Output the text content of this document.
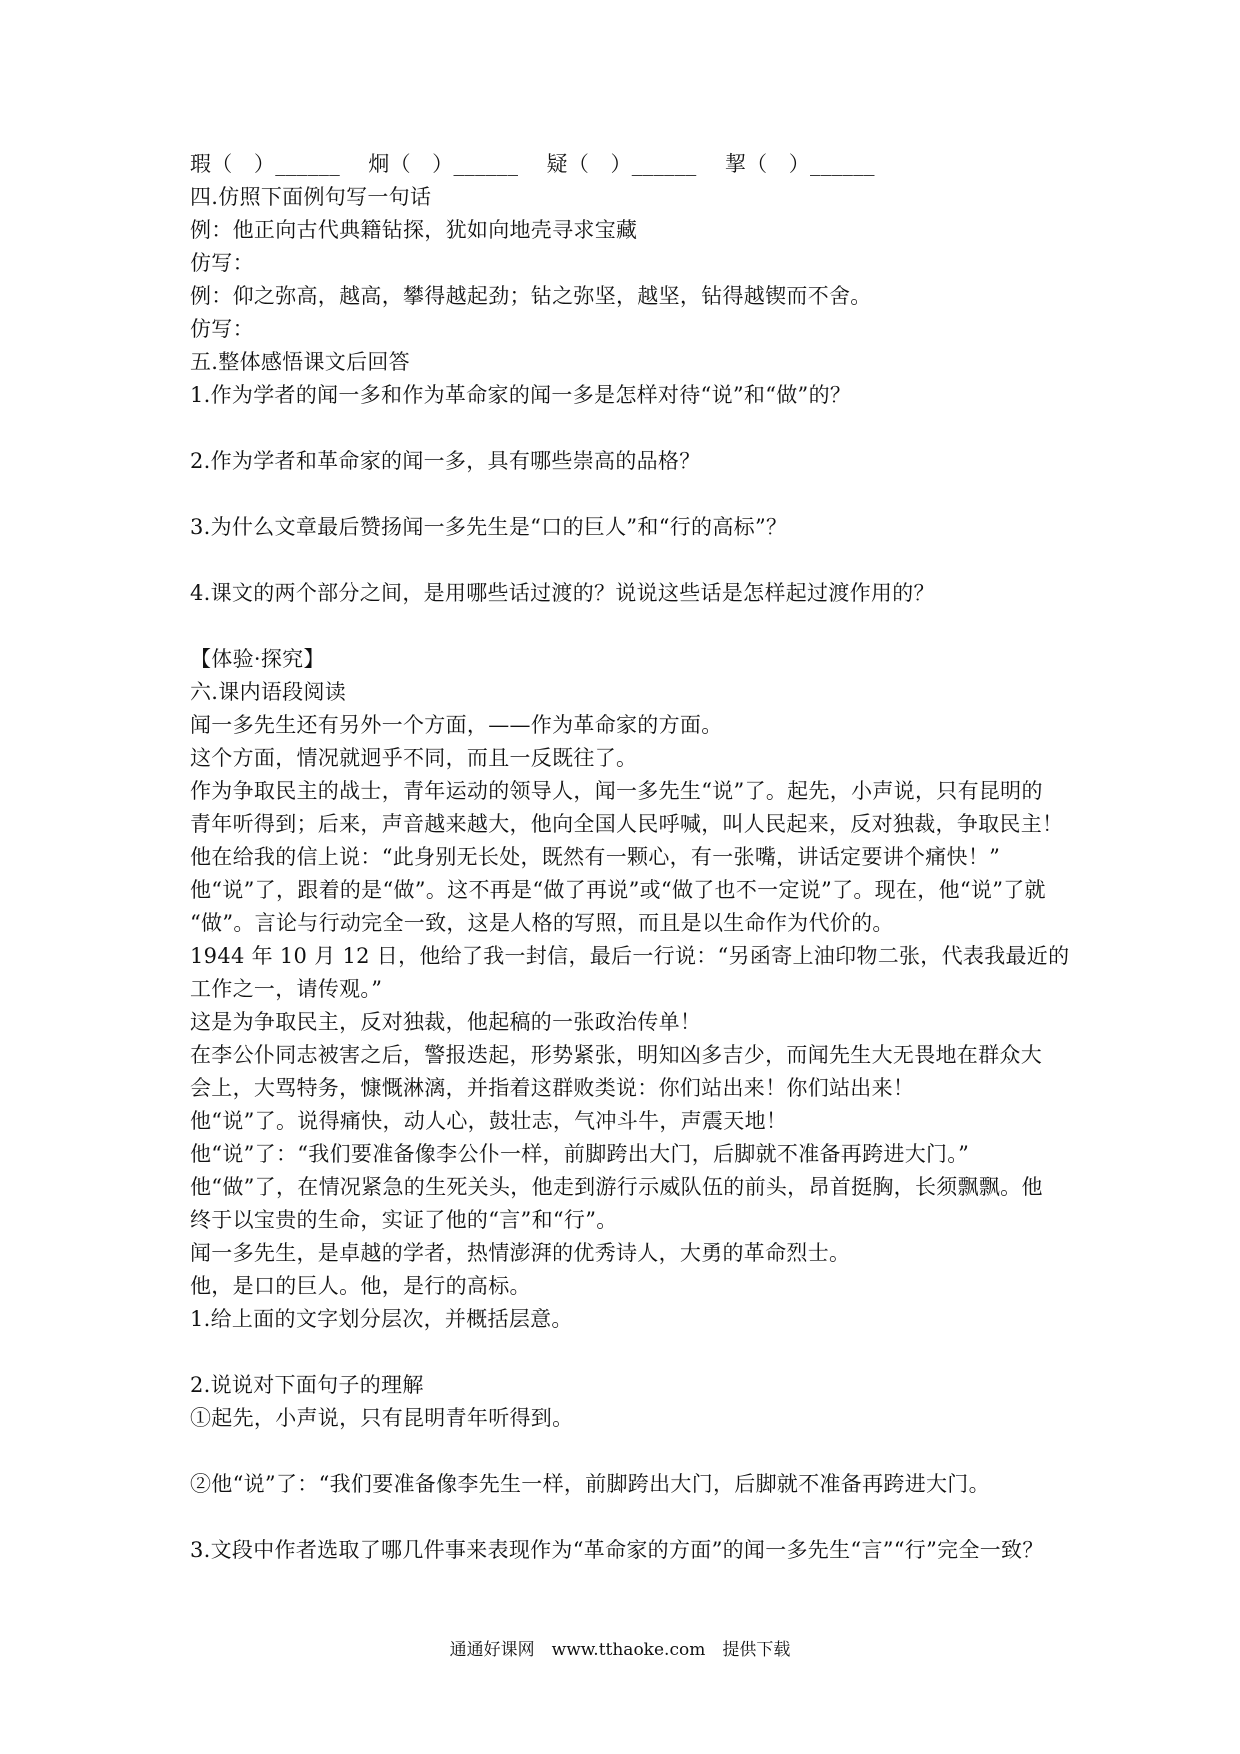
瑕（　）______　 炯（　）______　 疑（　）______　 挈（　）______
四.仿照下面例句写一句话
例：他正向古代典籍钻探，犹如向地壳寻求宝藏
仿写：
例：仰之弥高，越高，攀得越起劲；钻之弥坚，越坚，钻得越锲而不舍。
仿写：
五.整体感悟课文后回答
1.作为学者的闻一多和作为革命家的闻一多是怎样对待“说”和“做”的？
2.作为学者和革命家的闻一多，具有哪些崇高的品格？
3.为什么文章最后赞扬闻一多先生是“口的巨人”和“行的高标”？
4.课文的两个部分之间，是用哪些话过渡的？说说这些话是怎样起过渡作用的？
【体验·探究】
六.课内语段阅读
闻一多先生还有另外一个方面，——作为革命家的方面。
这个方面，情况就迥乎不同，而且一反既往了。
作为争取民主的战士，青年运动的领导人，闻一多先生“说”了。起先，小声说，只有昆明的
青年听得到；后来，声音越来越大，他向全国人民呼喊，叫人民起来，反对独裁，争取民主！
他在给我的信上说：“此身别无长处，既然有一颗心，有一张嘴，讲话定要讲个痛快！”
他“说”了，跟着的是“做”。这不再是“做了再说”或“做了也不一定说”了。现在，他“说”了就
“做”。言论与行动完全一致，这是人格的写照，而且是以生命作为代价的。
1944 年 10 月 12 日，他给了我一封信，最后一行说：“另函寄上油印物二张，代表我最近的
工作之一，请传观。”
这是为争取民主，反对独裁，他起稿的一张政治传单！
在李公仆同志被害之后，警报迭起，形势紧张，明知凶多吉少，而闻先生大无畏地在群众大
会上，大骂特务，慷慨淋漓，并指着这群败类说：你们站出来！你们站出来！
他“说”了。说得痛快，动人心，鼓壮志，气冲斗牛，声震天地！
他“说”了：“我们要准备像李公仆一样，前脚跨出大门，后脚就不准备再跨进大门。”
他“做”了，在情况紧急的生死关头，他走到游行示威队伍的前头，昂首挺胸，长须飘飘。他
终于以宝贵的生命，实证了他的“言”和“行”。
闻一多先生，是卓越的学者，热情澎湃的优秀诗人，大勇的革命烈士。
他，是口的巨人。他，是行的高标。
1.给上面的文字划分层次，并概括层意。
2.说说对下面句子的理解
①起先，小声说，只有昆明青年听得到。
②他“说”了：“我们要准备像李先生一样，前脚跨出大门，后脚就不准备再跨进大门。
3.文段中作者选取了哪几件事来表现作为“革命家的方面”的闻一多先生“言”“行”完全一致？
通通好课网　www.tthaoke.com　提供下载
